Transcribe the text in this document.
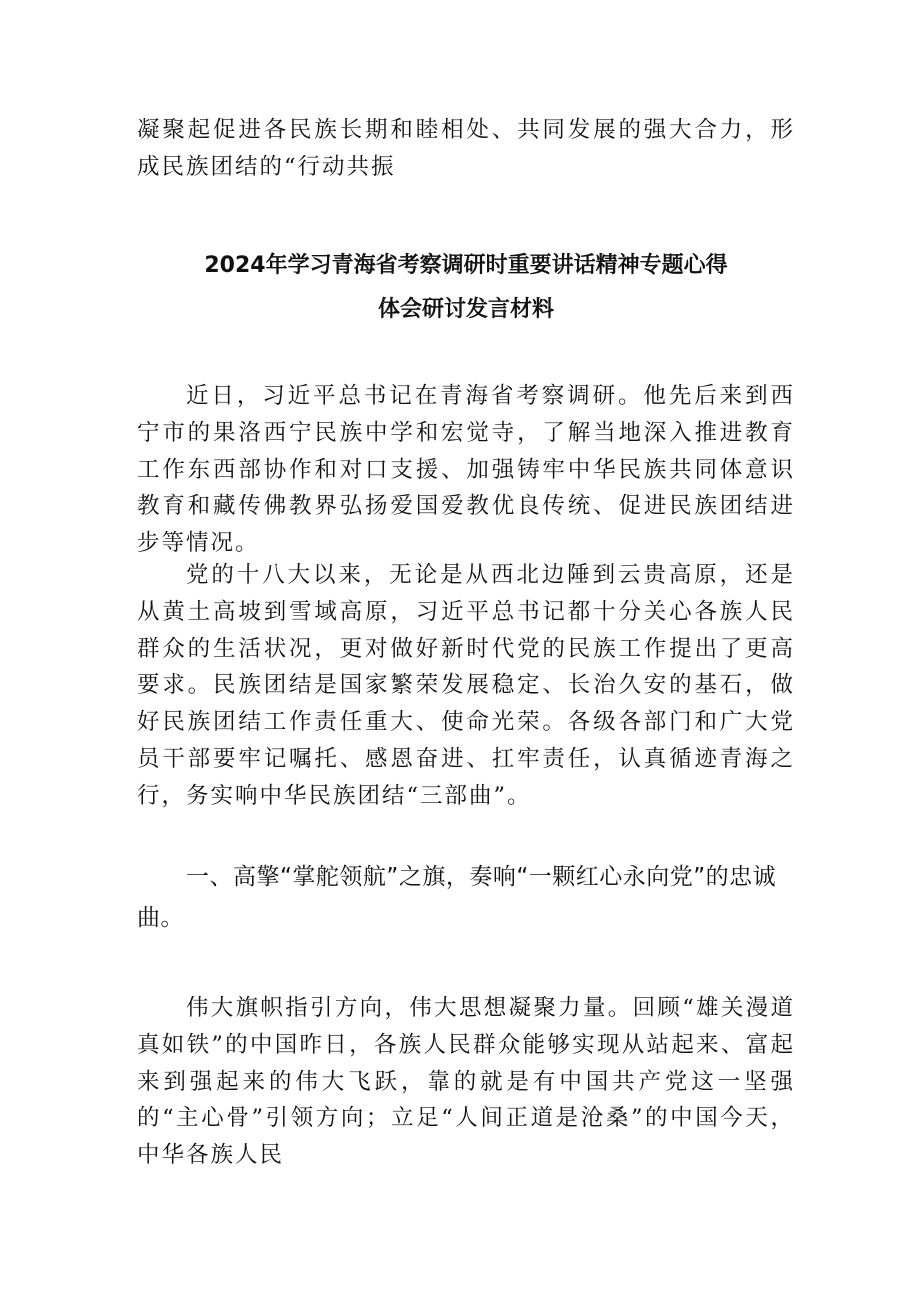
凝聚起促进各民族长期和睦相处、共同发展的强大合力，形成民族团结的“行动共振

2024年学习青海省考察调研时重要讲话精神专题心得
体会研讨发言材料

近日，习近平总书记在青海省考察调研。他先后来到西宁市的果洛西宁民族中学和宏觉寺，了解当地深入推进教育工作东西部协作和对口支援、加强铸牢中华民族共同体意识教育和藏传佛教界弘扬爱国爱教优良传统、促进民族团结进步等情况。

党的十八大以来，无论是从西北边陲到云贵高原，还是从黄土高坡到雪域高原，习近平总书记都十分关心各族人民群众的生活状况，更对做好新时代党的民族工作提出了更高要求。民族团结是国家繁荣发展稳定、长治久安的基石，做好民族团结工作责任重大、使命光荣。各级各部门和广大党员干部要牢记嘱托、感恩奋进、扛牢责任，认真循迹青海之行，务实响中华民族团结“三部曲”。

一、高擎“掌舵领航”之旗，奏响“一颗红心永向党”的忠诚曲。

伟大旗帜指引方向，伟大思想凝聚力量。回顾“雄关漫道真如铁”的中国昨日，各族人民群众能够实现从站起来、富起来到强起来的伟大飞跃，靠的就是有中国共产党这一坚强的“主心骨”引领方向；立足“人间正道是沧桑”的中国今天，中华各族人民
